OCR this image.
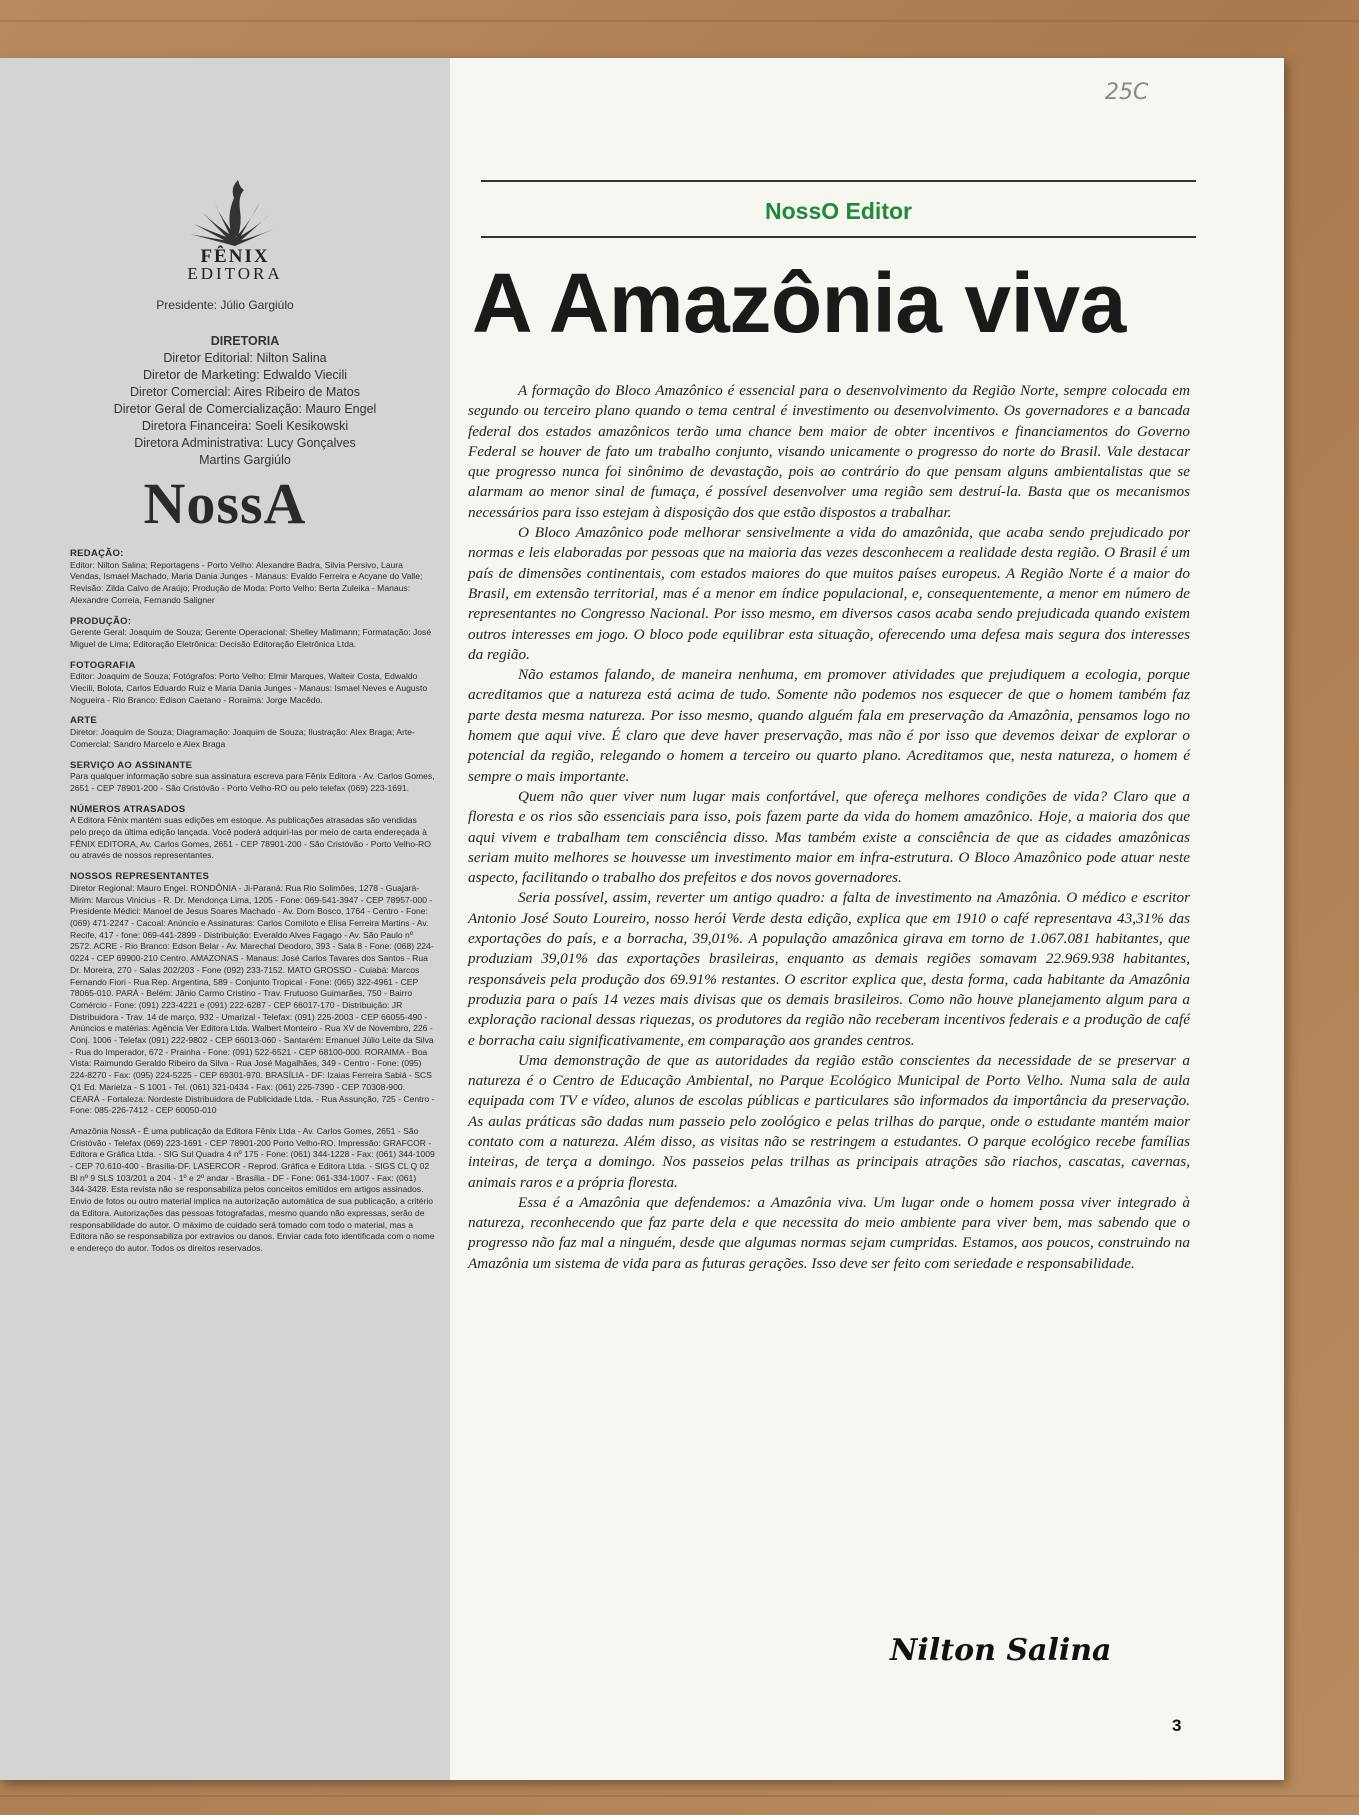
FÊNIX
EDITORA
Presidente: Júlio Gargiúlo
DIRETORIA
Diretor Editorial: Nilton Salina
Diretor de Marketing: Edwaldo Viecili
Diretor Comercial: Aires Ribeiro de Matos
Diretor Geral de Comercialização: Mauro Engel
Diretora Financeira: Soeli Kesikowski
Diretora Administrativa: Lucy Gonçalves
Martins Gargiúlo
NossA
REDAÇÃO:

Editor: Nilton Salina; Reportagens - Porto Velho: Alexandre Badra, Silvia Persivo, Laura Vendas, Ismael Machado, Maria Dania Junges - Manaus: Evaldo Ferreira e Acyane do Valle; Revisão: Zilda Calvo de Araújo; Produção de Moda: Porto Velho: Berta Zuleika - Manaus: Alexandre Correia, Fernando Saligner

PRODUÇÃO:

Gerente Geral: Joaquim de Souza; Gerente Operacional: Shelley Mallmann; Formatação: José Miguel de Lima; Editoração Eletrônica: Decisão Editoração Eletrônica Ltda.

FOTOGRAFIA

Editor: Joaquim de Souza; Fotógrafos: Porto Velho: Elmir Marques, Walteir Costa, Edwaldo Viecili, Bolota, Carlos Eduardo Ruiz e Maria Dania Junges - Manaus: Ismael Neves e Augusto Nogueira - Rio Branco: Edison Caetano - Roraima: Jorge Macêdo.

ARTE

Diretor: Joaquim de Souza; Diagramação: Joaquim de Souza; Ilustração: Alex Braga; Arte-Comercial: Sandro Marcelo e Alex Braga

SERVIÇO AO ASSINANTE

Para qualquer informação sobre sua assinatura escreva para Fênix Editora - Av. Carlos Gomes, 2651 - CEP 78901-200 - São Cristóvão - Porto Velho-RO ou pelo telefax (069) 223-1691.

NÚMEROS ATRASADOS

A Editora Fênix mantém suas edições em estoque. As publicações atrasadas são vendidas pelo preço da última edição lançada. Você poderá adquiri-las por meio de carta endereçada à FÊNIX EDITORA, Av. Carlos Gomes, 2651 - CEP 78901-200 - São Cristóvão - Porto Velho-RO ou através de nossos representantes.

NOSSOS REPRESENTANTES

Diretor Regional: Mauro Engel. RONDÔNIA - Ji-Paraná: Rua Rio Solimões, 1278 - Guajará-Mirim: Marcus Vinicius - R. Dr. Mendonça Lima, 1205 - Fone: 069-541-3947 - CEP 78957-000 - Presidente Médici: Manoel de Jesus Soares Machado - Av. Dom Bosco, 1764 - Centro - Fone: (069) 471-2247 - Cacoal: Anúncio e Assinaturas: Carlos Comiloto e Elisa Ferreira Martins - Av. Recife, 417 - fone: 069-441-2899 - Distribuição: Everaldo Alves Fagago - Av. São Paulo nº 2572. ACRE - Rio Branco: Edson Belar - Av. Marechal Deodoro, 393 - Sala 8 - Fone: (068) 224-0224 - CEP 69900-210 Centro. AMAZONAS - Manaus: José Carlos Tavares dos Santos - Rua Dr. Moreira, 270 - Salas 202/203 - Fone (092) 233-7152. MATO GROSSO - Cuiabá: Marcos Fernando Fiori - Rua Rep. Argentina, 589 - Conjunto Tropical - Fone: (065) 322-4961 - CEP 78065-010. PARÁ - Belém: Jânio Carmo Cristino - Trav. Frutuoso Guimarães, 750 - Bairro Comércio - Fone: (091) 223-4221 e (091) 222-6287 - CEP 66017-170 - Distribuição: JR Distribuidora - Trav. 14 de março, 932 - Umarizal - Telefax: (091) 225-2003 - CEP 66055-490 - Anúncios e matérias: Agência Ver Editora Ltda. Walbert Monteiro - Rua XV de Novembro, 226 - Conj. 1006 - Telefax (091) 222-9802 - CEP 66013-060 - Santarém: Emanuel Júlio Leite da Silva - Rua do Imperador, 672 - Prainha - Fone: (091) 522-6521 - CEP 68100-000. RORAIMA - Boa Vista: Raimundo Geraldo Ribeiro da Silva - Rua José Magalhães, 349 - Centro - Fone: (095) 224-8270 - Fax: (095) 224-5225 - CEP 69301-970. BRASÍLIA - DF: Izaias Ferreira Sabiá - SCS Q1 Ed. Marielza - S 1001 - Tel. (061) 321-0434 - Fax: (061) 225-7390 - CEP 70308-900. CEARÁ - Fortaleza: Nordeste Distribuidora de Publicidade Ltda. - Rua Assunção, 725 - Centro - Fone: 085-226-7412 - CEP 60050-010

Amazônia NossA - É uma publicação da Editora Fênix Ltda - Av. Carlos Gomes, 2651 - São Cristóvão - Telefax (069) 223-1691 - CEP 78901-200 Porto Velho-RO. Impressão: GRAFCOR - Editora e Gráfica Ltda. - SIG Sul Quadra 4 nº 175 - Fone: (061) 344-1228 - Fax: (061) 344-1009 - CEP 70.610-400 - Brasília-DF. LASERCOR - Reprod. Gráfica e Editora Ltda. - SIGS CL Q 02 Bl nº 9 SLS 103/201 a 204 - 1º e 2º andar - Brasília - DF - Fone: 061-334-1007 - Fax: (061) 344-3428. Esta revista não se responsabiliza pelos conceitos emitidos em artigos assinados. Envio de fotos ou outro material implica na autorização automática de sua publicação, a critério da Editora. Autorizações das pessoas fotografadas, mesmo quando não expressas, serão de responsabilidade do autor. O máximo de cuidado será tomado com todo o material, mas a Editora não se responsabiliza por extravios ou danos. Enviar cada foto identificada com o nome e endereço do autor. Todos os direitos reservados.

25C
NossO Editor
A Amazônia viva

A formação do Bloco Amazônico é essencial para o desenvolvimento da Região Norte, sempre colocada em segundo ou terceiro plano quando o tema central é investimento ou desenvolvimento. Os governadores e a bancada federal dos estados amazônicos terão uma chance bem maior de obter incentivos e financiamentos do Governo Federal se houver de fato um trabalho conjunto, visando unicamente o progresso do norte do Brasil. Vale destacar que progresso nunca foi sinônimo de devastação, pois ao contrário do que pensam alguns ambientalistas que se alarmam ao menor sinal de fumaça, é possível desenvolver uma região sem destruí-la. Basta que os mecanismos necessários para isso estejam à disposição dos que estão dispostos a trabalhar.

O Bloco Amazônico pode melhorar sensivelmente a vida do amazônida, que acaba sendo prejudicado por normas e leis elaboradas por pessoas que na maioria das vezes desconhecem a realidade desta região. O Brasil é um país de dimensões continentais, com estados maiores do que muitos países europeus. A Região Norte é a maior do Brasil, em extensão territorial, mas é a menor em índice populacional, e, consequentemente, a menor em número de representantes no Congresso Nacional. Por isso mesmo, em diversos casos acaba sendo prejudicada quando existem outros interesses em jogo. O bloco pode equilibrar esta situação, oferecendo uma defesa mais segura dos interesses da região.

Não estamos falando, de maneira nenhuma, em promover atividades que prejudiquem a ecologia, porque acreditamos que a natureza está acima de tudo. Somente não podemos nos esquecer de que o homem também faz parte desta mesma natureza. Por isso mesmo, quando alguém fala em preservação da Amazônia, pensamos logo no homem que aqui vive. É claro que deve haver preservação, mas não é por isso que devemos deixar de explorar o potencial da região, relegando o homem a terceiro ou quarto plano. Acreditamos que, nesta natureza, o homem é sempre o mais importante.

Quem não quer viver num lugar mais confortável, que ofereça melhores condições de vida? Claro que a floresta e os rios são essenciais para isso, pois fazem parte da vida do homem amazônico. Hoje, a maioria dos que aqui vivem e trabalham tem consciência disso. Mas também existe a consciência de que as cidades amazônicas seriam muito melhores se houvesse um investimento maior em infra-estrutura. O Bloco Amazônico pode atuar neste aspecto, facilitando o trabalho dos prefeitos e dos novos governadores.

Seria possível, assim, reverter um antigo quadro: a falta de investimento na Amazônia. O médico e escritor Antonio José Souto Loureiro, nosso herói Verde desta edição, explica que em 1910 o café representava 43,31% das exportações do país, e a borracha, 39,01%. A população amazônica girava em torno de 1.067.081 habitantes, que produziam 39,01% das exportações brasileiras, enquanto as demais regiões somavam 22.969.938 habitantes, responsáveis pela produção dos 69.91% restantes. O escritor explica que, desta forma, cada habitante da Amazônia produzia para o país 14 vezes mais divisas que os demais brasileiros. Como não houve planejamento algum para a exploração racional dessas riquezas, os produtores da região não receberam incentivos federais e a produção de café e borracha caiu significativamente, em comparação aos grandes centros.

Uma demonstração de que as autoridades da região estão conscientes da necessidade de se preservar a natureza é o Centro de Educação Ambiental, no Parque Ecológico Municipal de Porto Velho. Numa sala de aula equipada com TV e vídeo, alunos de escolas públicas e particulares são informados da importância da preservação. As aulas práticas são dadas num passeio pelo zoológico e pelas trilhas do parque, onde o estudante mantém maior contato com a natureza. Além disso, as visitas não se restringem a estudantes. O parque ecológico recebe famílias inteiras, de terça a domingo. Nos passeios pelas trilhas as principais atrações são riachos, cascatas, cavernas, animais raros e a própria floresta.

Essa é a Amazônia que defendemos: a Amazônia viva. Um lugar onde o homem possa viver integrado à natureza, reconhecendo que faz parte dela e que necessita do meio ambiente para viver bem, mas sabendo que o progresso não faz mal a ninguém, desde que algumas normas sejam cumpridas. Estamos, aos poucos, construindo na Amazônia um sistema de vida para as futuras gerações. Isso deve ser feito com seriedade e responsabilidade.

Nilton Salina
3
